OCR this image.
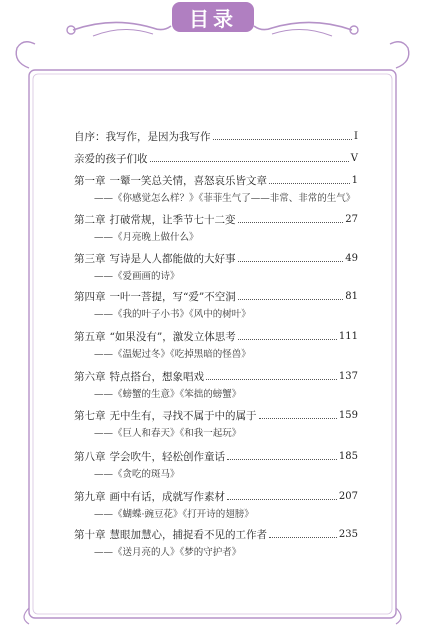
目录
自序：我写作，是因为我写作	I
亲爱的孩子们收	V
第一章 一颦一笑总关情，喜怒哀乐皆文章	1
——《你感觉怎么样？》《菲菲生气了——非常、非常的生气》
第二章 打破常规，让季节七十二变	27
——《月亮晚上做什么》
第三章 写诗是人人都能做的大好事	49
——《爱画画的诗》
第四章 一叶一菩提，写“爱”不空洞	81
——《我的叶子小书》《风中的树叶》
第五章 “如果没有”，激发立体思考	111
——《温妮过冬》《吃掉黑暗的怪兽》
第六章 特点搭台，想象唱戏	137
——《螃蟹的生意》《笨拙的螃蟹》
第七章 无中生有，寻找不属于中的属于	159
——《巨人和春天》《和我一起玩》
第八章 学会吹牛，轻松创作童话	185
——《贪吃的斑马》
第九章 画中有话，成就写作素材	207
——《蝴蝶·豌豆花》《打开诗的翅膀》
第十章 慧眼加慧心，捕捉看不见的工作者	235
——《送月亮的人》《梦的守护者》
